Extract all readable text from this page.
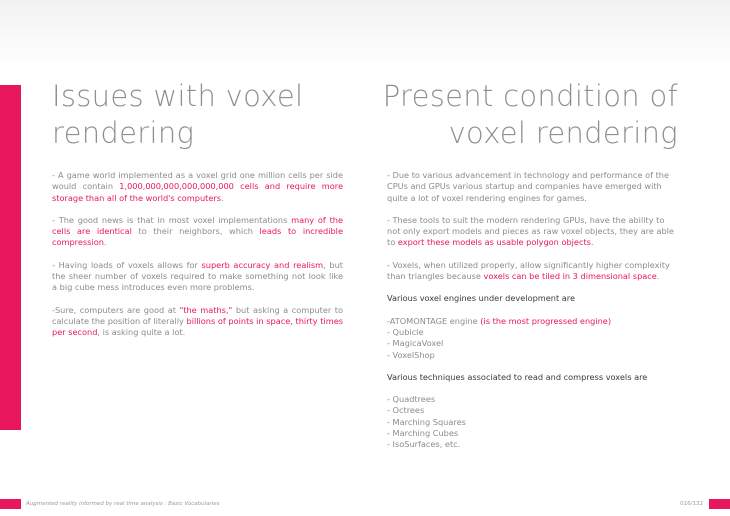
Issues with voxel
rendering
Present condition of
voxel rendering

- A game world implemented as a voxel grid one million cells per side would contain 1,000,000,000,000,000,000 cells and require more storage than all of the world's computers.

- The good news is that in most voxel implementations many of the cells are identical to their neighbors, which leads to incredible compression.

- Having loads of voxels allows for superb accuracy and realism, but the sheer number of voxels required to make something not look like a big cube mess introduces even more problems.

-Sure, computers are good at "the maths," but asking a computer to calculate the position of literally billions of points in space, thirty times per second, is asking quite a lot.

- Due to various advancement in technology and performance of the CPUs and GPUs various startup and companies have emerged with quite a lot of voxel rendering engines for games.

- These tools to suit the modern rendering GPUs, have the ability to not only export models and pieces as raw voxel objects, they are able to export these models as usable polygon objects.

- Voxels, when utilized properly, allow significantly higher complexity than triangles because voxels can be tiled in 3 dimensional space.

Various voxel engines under development are

-ATOMONTAGE engine (is the most progressed engine)
- Qubicle
- MagicaVoxel
- VoxelShop

Various techniques associated to read and compress voxels are

- Quadtrees
- Octrees
- Marching Squares
- Marching Cubes
- IsoSurfaces, etc.
Augmented reality informed by real time analysis : Basic Vocabularies	016/132
